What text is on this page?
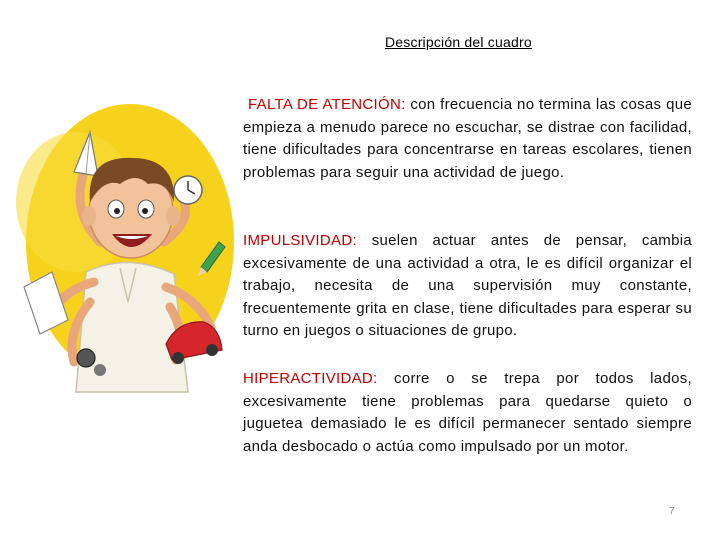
Descripción del cuadro

FALTA DE ATENCIÓN: con frecuencia no termina las cosas que empieza a menudo parece no escuchar, se distrae con facilidad, tiene dificultades para concentrarse en tareas escolares, tienen problemas para seguir una actividad de juego.

IMPULSIVIDAD: suelen actuar antes de pensar, cambia excesivamente de una actividad a otra, le es difícil organizar el trabajo, necesita de una supervisión muy constante, frecuentemente grita en clase, tiene dificultades para esperar su turno en juegos o situaciones de grupo.

HIPERACTIVIDAD: corre o se trepa por todos lados, excesivamente tiene problemas para quedarse quieto o juguetea demasiado le es difícil permanecer sentado siempre anda desbocado o actúa como impulsado por un motor.

7
